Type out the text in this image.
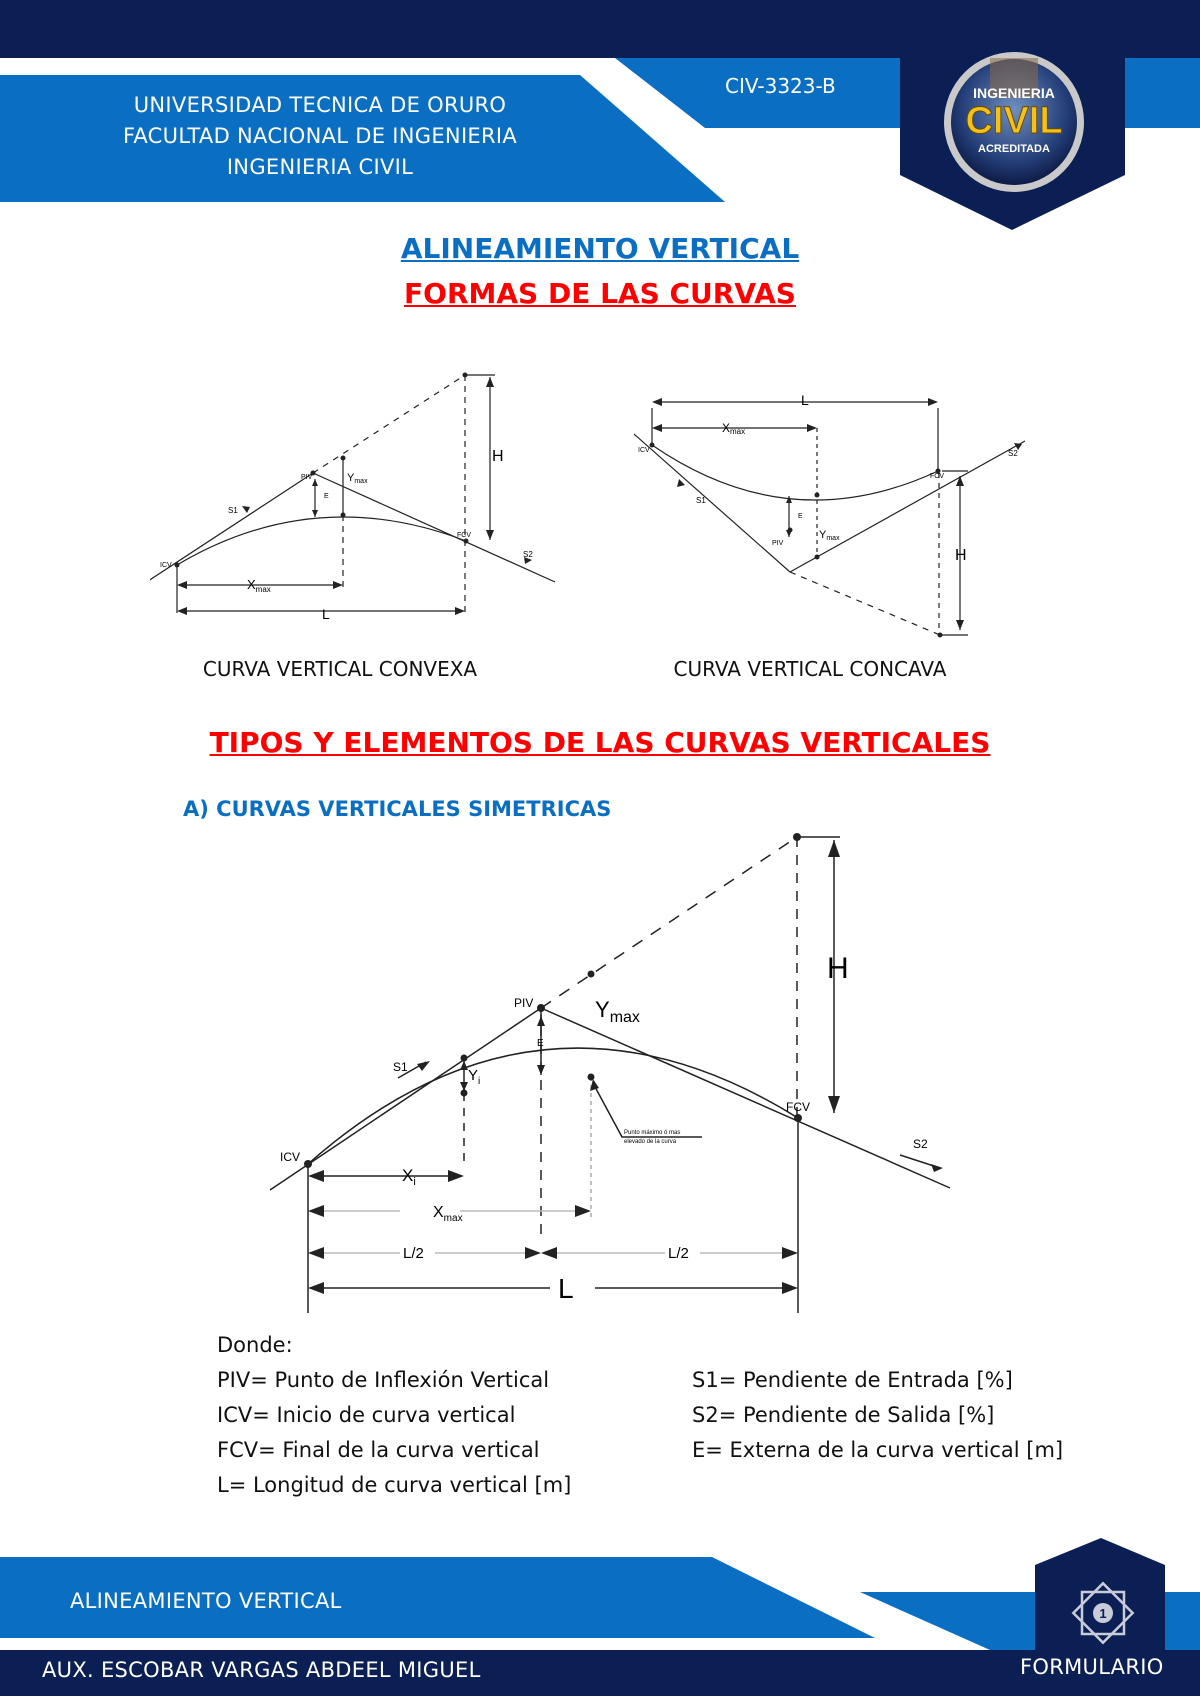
UNIVERSIDAD TECNICA DE ORURO
FACULTAD NACIONAL DE INGENIERIA
INGENIERIA CIVIL
CIV-3323-B	INGENIERIA
CIVIL
ACREDITADA
ALINEAMIENTO VERTICAL
FORMAS DE LAS CURVAS
H
L
$X_{max}$
Ymax
PIV
ICV
FCV
S1
S2
E
CURVA VERTICAL CONVEXA
L
Xmax
Ymax
H
PIV
ICV
FCV
S1
S2
E
CURVA VERTICAL CONCAVA
TIPOS Y ELEMENTOS DE LAS CURVAS VERTICALES
A) CURVAS VERTICALES SIMETRICAS
H
L
L/2	L/2
$X_i$
$X_{max}$
$Y_{max}$
$Y_i$
PIV
ICV
FCV
S1
S2
E
Punto máximo ó mas
elevado de la curva
Donde:
PIV= Punto de Inflexión Vertical
ICV= Inicio de curva vertical
FCV= Final de la curva vertical
L= Longitud de curva vertical [m]
S1= Pendiente de Entrada [%]
S2= Pendiente de Salida [%]
E= Externa de la curva vertical [m]
1
ALINEAMIENTO VERTICAL
AUX. ESCOBAR VARGAS ABDEEL MIGUEL	FORMULARIO
